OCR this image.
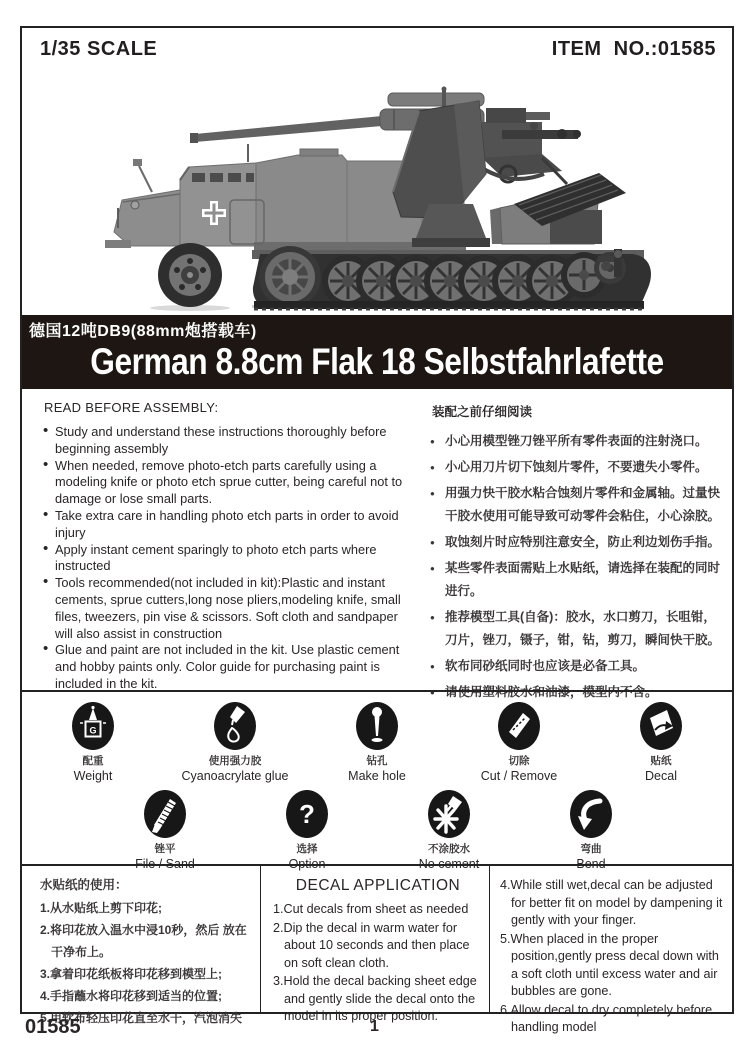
1/35 SCALE	ITEM  NO.:01585
德国12吨DB9(88mm炮搭载车)
German 8.8cm Flak 18 Selbstfahrlafette
READ BEFORE ASSEMBLY:
• Study and understand these instructions thoroughly before beginning assembly
• When needed, remove photo-etch parts carefully using a modeling knife or photo etch sprue cutter, being careful not to damage or lose small parts.
• Take extra care in handling photo etch parts in order to avoid injury
• Apply instant cement sparingly to photo etch parts where instructed
• Tools recommended(not included in kit):Plastic and instant cements, sprue cutters,long nose pliers,modeling knife, small files, tweezers, pin vise & scissors. Soft cloth and sandpaper will also assist in construction
• Glue and paint are not included in the kit. Use plastic cement and hobby paints only. Color guide for purchasing paint is included in the kit.
装配之前仔细阅读
● 小心用模型锉刀锉平所有零件表面的注射浇口。
● 小心用刀片切下蚀刻片零件，不要遗失小零件。
● 用强力快干胶水粘合蚀刻片零件和金属轴。过量快干胶水使用可能导致可动零件会粘住，小心涂胶。
● 取蚀刻片时应特别注意安全，防止利边划伤手指。
● 某些零件表面需贴上水贴纸，请选择在装配的同时进行。
● 推荐模型工具(自备)：胶水，水口剪刀，长咀钳，刀片，锉刀，镊子，钳，钻，剪刀，瞬间快干胶。
● 软布同砂纸同时也应该是必备工具。
● 请使用塑料胶水和油漆，模型内不含。
G
配重
Weight
使用强力胶
Cyanoacrylate glue
钻孔
Make hole
切除
Cut / Remove
贴纸
Decal
锉平
File / Sand
?
选择
Option
不涂胶水
No cement
弯曲
Bend
水贴纸的使用：
1.从水贴纸上剪下印花;
2.将印花放入温水中浸10秒，然后 放在干净布上。
3.拿着印花纸板将印花移到模型上;
4.手指蘸水将印花移到适当的位置;
5.用软布轻压印花直至水干，汽泡消失
DECAL APPLICATION
1.Cut decals from sheet as needed
2.Dip the decal in warm water for about 10 seconds and then place on soft clean cloth.
3.Hold the decal backing sheet edge and gently slide the decal onto the model in its proper position.
4.While still wet,decal can be adjusted for better fit on model by dampening it gently with your finger.
5.When placed in the proper position,gently press decal down with a soft cloth until excess water and air bubbles are gone.
6.Allow decal to dry completely before handling model
01585	1
